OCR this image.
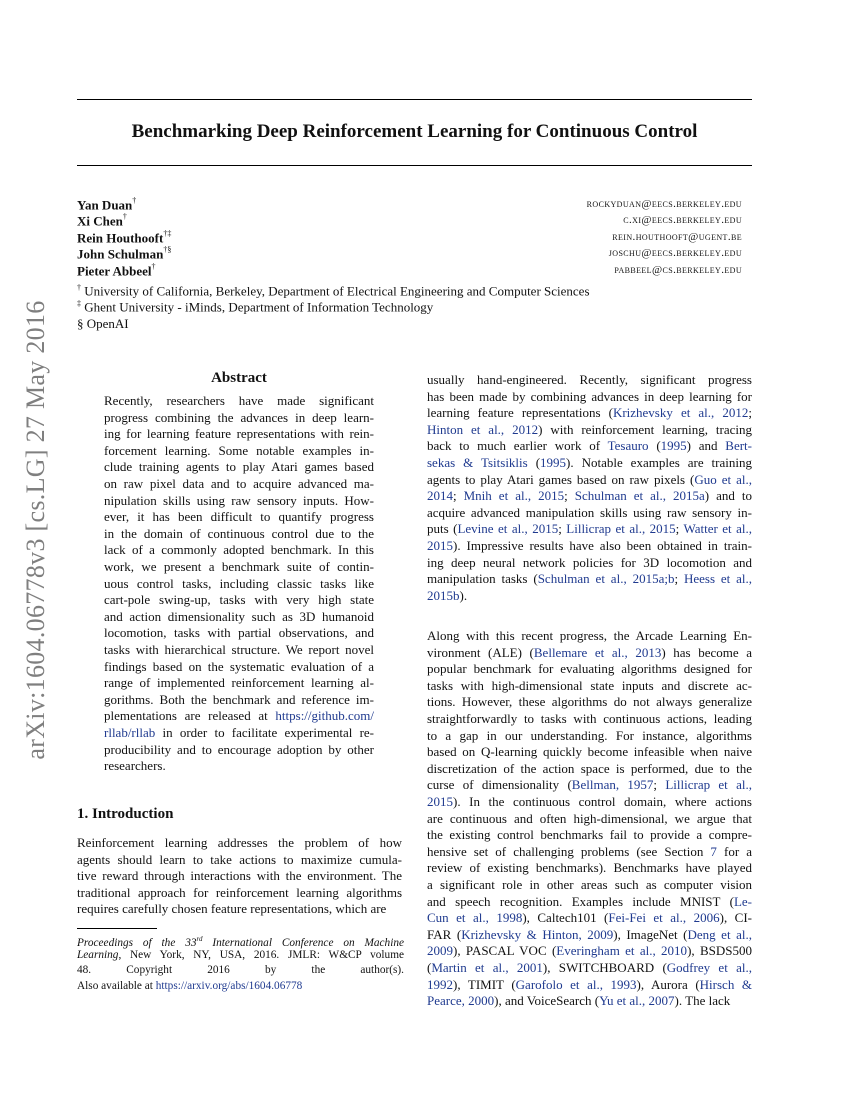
arXiv:1604.06778v3 [cs.LG] 27 May 2016
Benchmarking Deep Reinforcement Learning for Continuous Control
Yan Duan†	rockyduan@eecs.berkeley.edu
Xi Chen†	c.xi@eecs.berkeley.edu
Rein Houthooft†‡	rein.houthooft@ugent.be
John Schulman†§	joschu@eecs.berkeley.edu
Pieter Abbeel†	pabbeel@cs.berkeley.edu
† University of California, Berkeley, Department of Electrical Engineering and Computer Sciences
‡ Ghent University - iMinds, Department of Information Technology
§ OpenAI
Abstract
Recently, researchers have made significant
progress combining the advances in deep learn-
ing for learning feature representations with rein-
forcement learning. Some notable examples in-
clude training agents to play Atari games based
on raw pixel data and to acquire advanced ma-
nipulation skills using raw sensory inputs. How-
ever, it has been difficult to quantify progress
in the domain of continuous control due to the
lack of a commonly adopted benchmark. In this
work, we present a benchmark suite of contin-
uous control tasks, including classic tasks like
cart-pole swing-up, tasks with very high state
and action dimensionality such as 3D humanoid
locomotion, tasks with partial observations, and
tasks with hierarchical structure. We report novel
findings based on the systematic evaluation of a
range of implemented reinforcement learning al-
gorithms. Both the benchmark and reference im-
plementations are released at https://github.com/
rllab/rllab in order to facilitate experimental re-
producibility and to encourage adoption by other
researchers.
1. Introduction
Reinforcement learning addresses the problem of how
agents should learn to take actions to maximize cumula-
tive reward through interactions with the environment. The
traditional approach for reinforcement learning algorithms
requires carefully chosen feature representations, which are
Proceedings of the 33rd International Conference on Machine
Learning, New York, NY, USA, 2016. JMLR: W&CP volume
48. Copyright 2016 by the author(s).
Also available at https://arxiv.org/abs/1604.06778
usually hand-engineered. Recently, significant progress
has been made by combining advances in deep learning for
learning feature representations (Krizhevsky et al., 2012;
Hinton et al., 2012) with reinforcement learning, tracing
back to much earlier work of Tesauro (1995) and Bert-
sekas & Tsitsiklis (1995). Notable examples are training
agents to play Atari games based on raw pixels (Guo et al.,
2014; Mnih et al., 2015; Schulman et al., 2015a) and to
acquire advanced manipulation skills using raw sensory in-
puts (Levine et al., 2015; Lillicrap et al., 2015; Watter et al.,
2015). Impressive results have also been obtained in train-
ing deep neural network policies for 3D locomotion and
manipulation tasks (Schulman et al., 2015a;b; Heess et al.,
2015b).
Along with this recent progress, the Arcade Learning En-
vironment (ALE) (Bellemare et al., 2013) has become a
popular benchmark for evaluating algorithms designed for
tasks with high-dimensional state inputs and discrete ac-
tions. However, these algorithms do not always generalize
straightforwardly to tasks with continuous actions, leading
to a gap in our understanding. For instance, algorithms
based on Q-learning quickly become infeasible when naive
discretization of the action space is performed, due to the
curse of dimensionality (Bellman, 1957; Lillicrap et al.,
2015). In the continuous control domain, where actions
are continuous and often high-dimensional, we argue that
the existing control benchmarks fail to provide a compre-
hensive set of challenging problems (see Section 7 for a
review of existing benchmarks). Benchmarks have played
a significant role in other areas such as computer vision
and speech recognition. Examples include MNIST (Le-
Cun et al., 1998), Caltech101 (Fei-Fei et al., 2006), CI-
FAR (Krizhevsky & Hinton, 2009), ImageNet (Deng et al.,
2009), PASCAL VOC (Everingham et al., 2010), BSDS500
(Martin et al., 2001), SWITCHBOARD (Godfrey et al.,
1992), TIMIT (Garofolo et al., 1993), Aurora (Hirsch &
Pearce, 2000), and VoiceSearch (Yu et al., 2007). The lack
